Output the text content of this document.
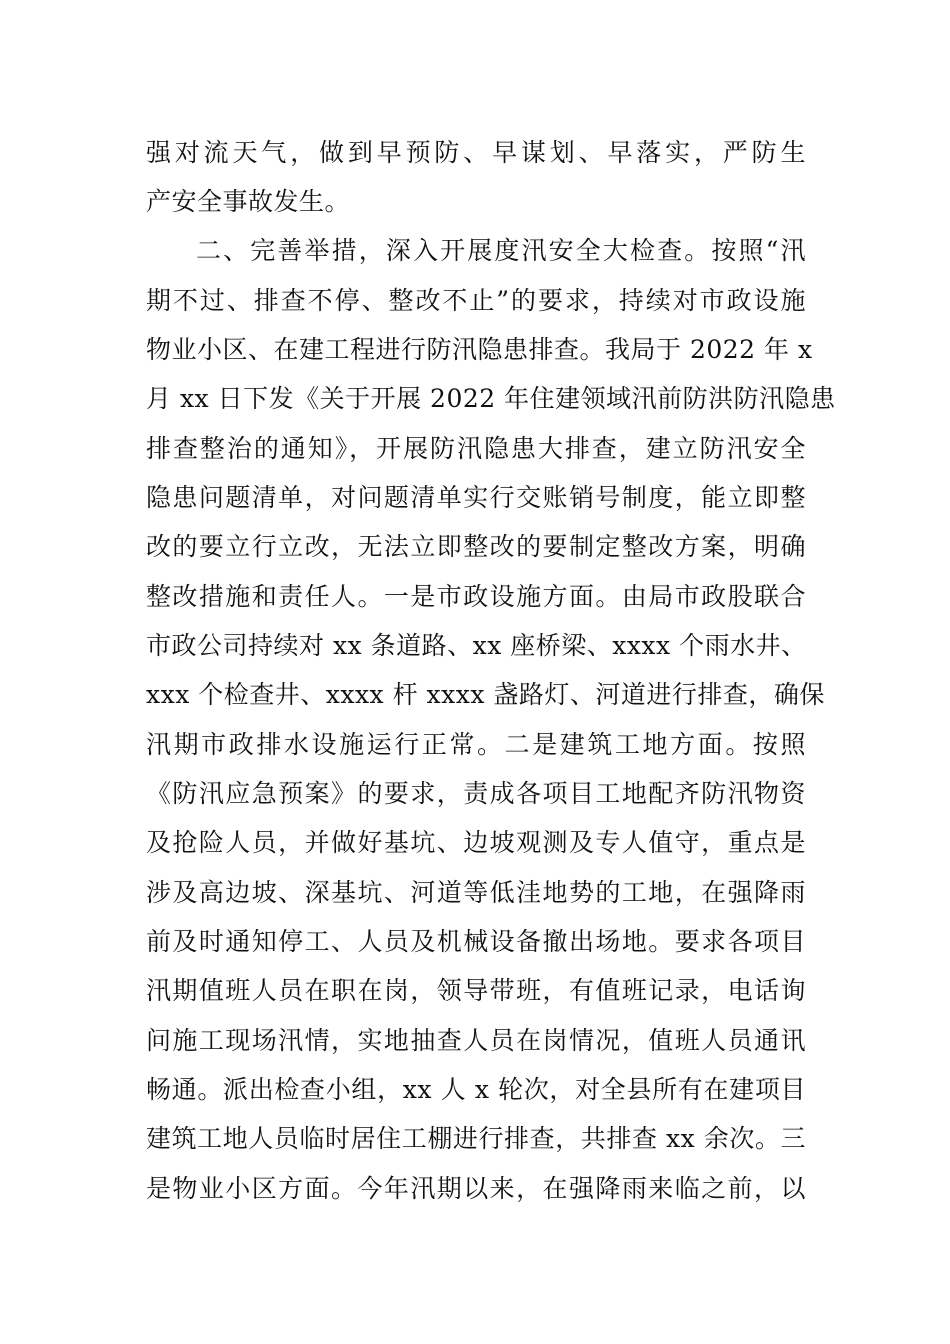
强对流天气，做到早预防、早谋划、早落实，严防生
产安全事故发生。
二、完善举措，深入开展度汛安全大检查。按照“汛
期不过、排查不停、整改不止”的要求，持续对市政设施
物业小区、在建工程进行防汛隐患排查。我局于 2022 年 x
月 xx 日下发《关于开展 2022 年住建领域汛前防洪防汛隐患
排查整治的通知》，开展防汛隐患大排查，建立防汛安全
隐患问题清单，对问题清单实行交账销号制度，能立即整
改的要立行立改，无法立即整改的要制定整改方案，明确
整改措施和责任人。一是市政设施方面。由局市政股联合
市政公司持续对 xx 条道路、xx 座桥梁、xxxx 个雨水井、
xxx 个检查井、xxxx 杆 xxxx 盏路灯、河道进行排查，确保
汛期市政排水设施运行正常。二是建筑工地方面。按照
《防汛应急预案》的要求，责成各项目工地配齐防汛物资
及抢险人员，并做好基坑、边坡观测及专人值守，重点是
涉及高边坡、深基坑、河道等低洼地势的工地，在强降雨
前及时通知停工、人员及机械设备撤出场地。要求各项目
汛期值班人员在职在岗，领导带班，有值班记录，电话询
问施工现场汛情，实地抽查人员在岗情况，值班人员通讯
畅通。派出检查小组，xx 人 x 轮次，对全县所有在建项目
建筑工地人员临时居住工棚进行排查，共排查 xx 余次。三
是物业小区方面。今年汛期以来，在强降雨来临之前，以
